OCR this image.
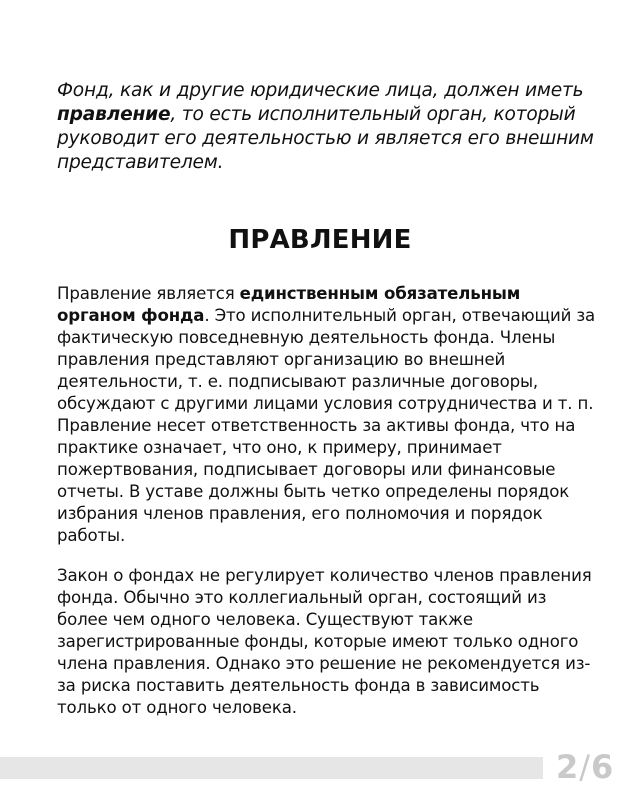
Фонд, как и другие юридические лица, должен иметь правление, то есть исполнительный орган, который руководит его деятельностью и является его внешним представителем.
ПРАВЛЕНИЕ
Правление является единственным обязательным органом фонда. Это исполнительный орган, отвечающий за фактическую повседневную деятельность фонда. Члены правления представляют организацию во внешней деятельности, т. е. подписывают различные договоры, обсуждают с другими лицами условия сотрудничества и т. п. Правление несет ответственность за активы фонда, что на практике означает, что оно, к примеру, принимает пожертвования, подписывает договоры или финансовые отчеты. В уставе должны быть четко определены порядок избрания членов правления, его полномочия и порядок работы.
Закон о фондах не регулирует количество членов правления фонда. Обычно это коллегиальный орган, состоящий из более чем одного человека. Существуют также зарегистрированные фонды, которые имеют только одного члена правления. Однако это решение не рекомендуется из-за риска поставить деятельность фонда в зависимость только от одного человека.
2/6
